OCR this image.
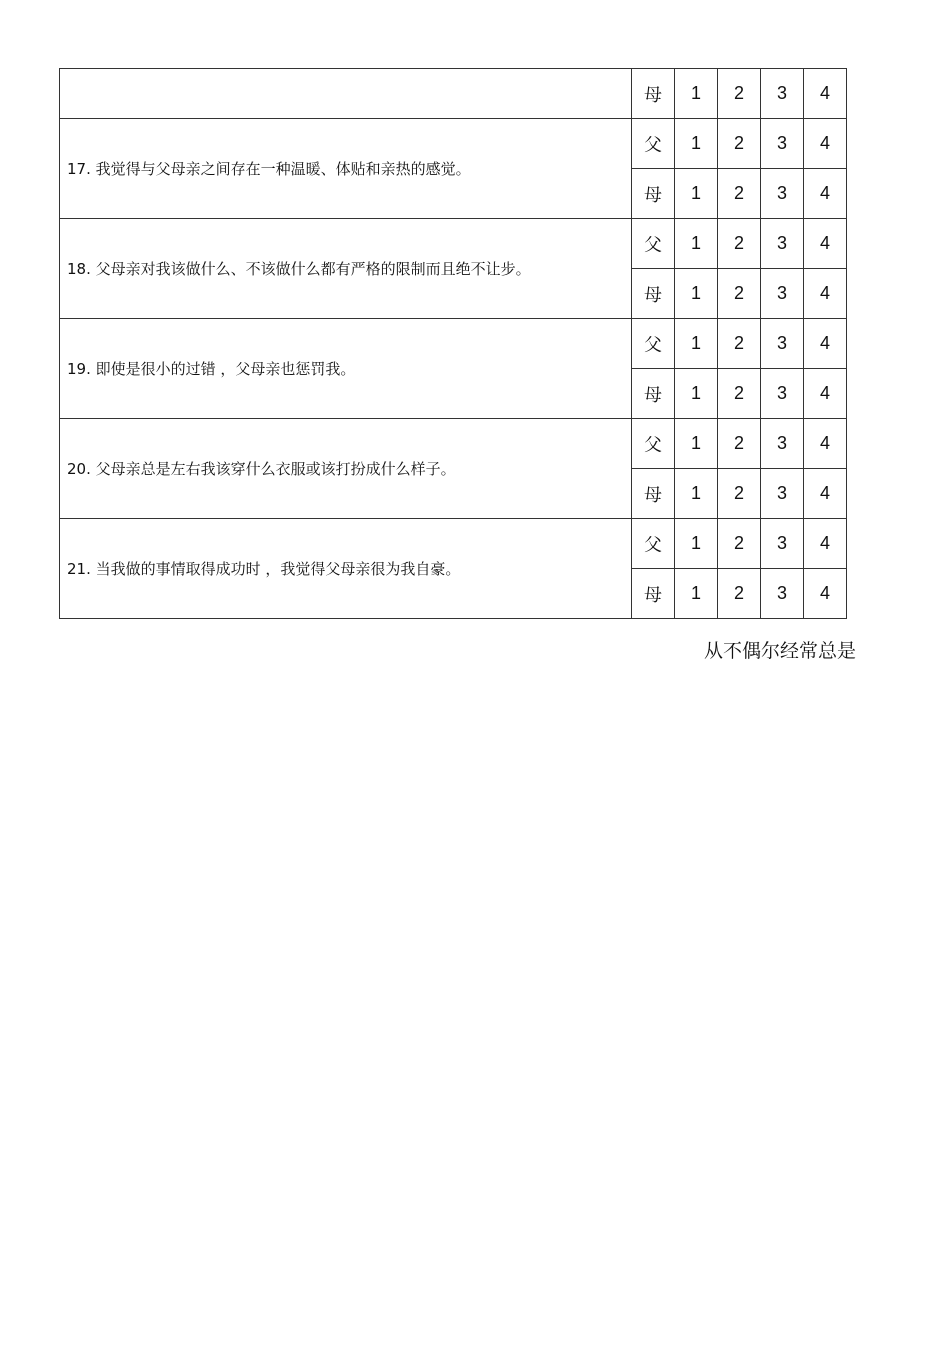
	母	1	2	3	4
17. 我觉得与父母亲之间存在一种温暖、体贴和亲热的感觉。	父	1	2	3	4
	母	1	2	3	4
18. 父母亲对我该做什么、不该做什么都有严格的限制而且绝不让步。	父	1	2	3	4
	母	1	2	3	4
19. 即使是很小的过错 ，父母亲也惩罚我。	父	1	2	3	4
	母	1	2	3	4
20. 父母亲总是左右我该穿什么衣服或该打扮成什么样子。	父	1	2	3	4
	母	1	2	3	4
21. 当我做的事情取得成功时 ，我觉得父母亲很为我自豪。	父	1	2	3	4
	母	1	2	3	4
从不偶尔经常总是
